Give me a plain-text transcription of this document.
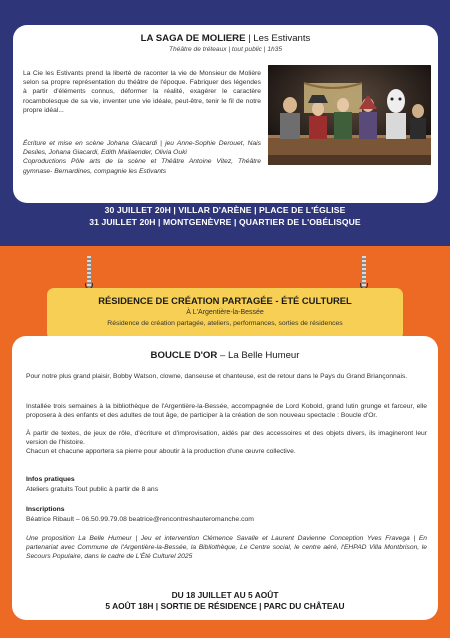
LA SAGA DE MOLIERE | Les Estivants
Théâtre de tréteaux | tout public | 1h35
La Cie les Estivants prend la liberté de raconter la vie de Monsieur de Molière selon sa propre représentation du théâtre de l'époque. Fabriquer des légendes à partir d'éléments connus, déformer la réalité, exagérer le caractère rocambolesque de sa vie, inventer une vie idéale, peut-être, tenir le fil de notre propre idéal...

Écriture et mise en scène Johana Giacardi | jeu Anne-Sophie Derouet, Nais Desiles, Johana Giacardi, Edith Mailaender, Olivia Ouki

Coproductions Pôle arts de la scène et Théâtre Antoine Vitez, Théâtre gymnase- Bernardines, compagnie les Estivants

30 JUILLET 20H | VILLAR D'ARÈNE | PLACE DE L'ÉGLISE
31 JUILLET 20H | MONTGENÈVRE | QUARTIER DE L'OBÉLISQUE
RÉSIDENCE DE CRÉATION PARTAGÉE - ÉTÉ CULTUREL
À L'Argentière-la-Bessée
Résidence de création partagée, ateliers, performances, sorties de résidences
BOUCLE D'OR – La Belle Humeur
Pour notre plus grand plaisir, Bobby Watson, clowne, danseuse et chanteuse, est de retour dans le Pays du Grand Briançonnais.
Installée trois semaines à la bibliothèque de l'Argentière-la-Bessée, accompagnée de Lord Kobold, grand lutin grunge et farceur, elle proposera à des enfants et des adultes de tout âge, de participer à la création de son nouveau spectacle : Boucle d'Or.
À partir de textes, de jeux de rôle, d'écriture et d'improvisation, aidés par des accessoires et des objets divers, ils imagineront leur version de l'histoire.
Chacun et chacune apportera sa pierre pour aboutir à la production d'une œuvre collective.
Infos pratiques
Ateliers gratuits Tout public à partir de 8 ans
Inscriptions
Béatrice Ribault – 06.50.99.79.08 beatrice@rencontreshauteromanche.com
Une proposition La Belle Humeur | Jeu et intervention Clémence Savalle et Laurent Davienne Conception Yves Fravega | En partenariat avec Commune de l'Argentière-la-Bessée, la Bibliothèque, Le Centre social, le centre aéré, l'EHPAD Villa Montbrison, le Secours Populaire, dans le cadre de L'Été Culturel 2025
DU 18 JUILLET AU 5 AOÛT
5 AOÛT 18H | SORTIE DE RÉSIDENCE | PARC DU CHÂTEAU
